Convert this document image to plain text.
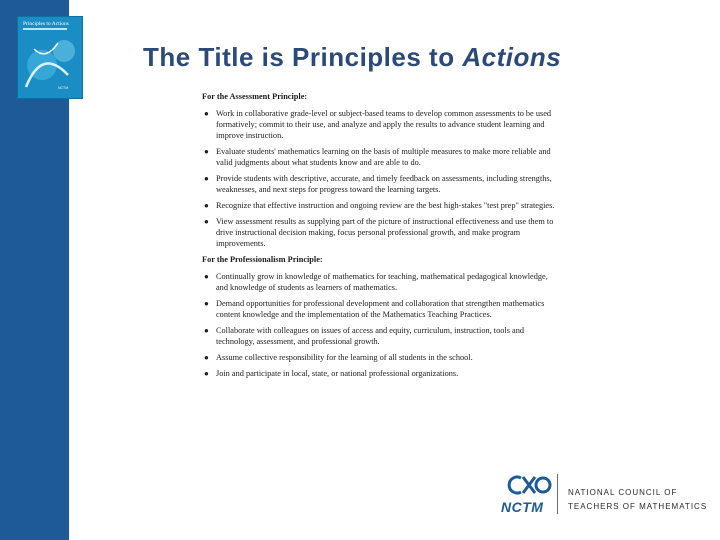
Principles to Actions
NCTM
The Title is Principles to Actions
For the Assessment Principle:
● Work in collaborative grade-level or subject-based teams to develop common assessments to be used formatively; commit to their use, and analyze and apply the results to advance student learning and improve instruction.
● Evaluate students' mathematics learning on the basis of multiple measures to make more reliable and valid judgments about what students know and are able to do.
● Provide students with descriptive, accurate, and timely feedback on assessments, including strengths, weaknesses, and next steps for progress toward the learning targets.
● Recognize that effective instruction and ongoing review are the best high-stakes "test prep" strategies.
● View assessment results as supplying part of the picture of instructional effectiveness and use them to drive instructional decision making, focus personal professional growth, and make program improvements.
For the Professionalism Principle:
● Continually grow in knowledge of mathematics for teaching, mathematical pedagogical knowledge, and knowledge of students as learners of mathematics.
● Demand opportunities for professional development and collaboration that strengthen mathematics content knowledge and the implementation of the Mathematics Teaching Practices.
● Collaborate with colleagues on issues of access and equity, curriculum, instruction, tools and technology, assessment, and professional growth.
● Assume collective responsibility for the learning of all students in the school.
● Join and participate in local, state, or national professional organizations.
NCTM
NATIONAL COUNCIL OF
TEACHERS OF MATHEMATICS
